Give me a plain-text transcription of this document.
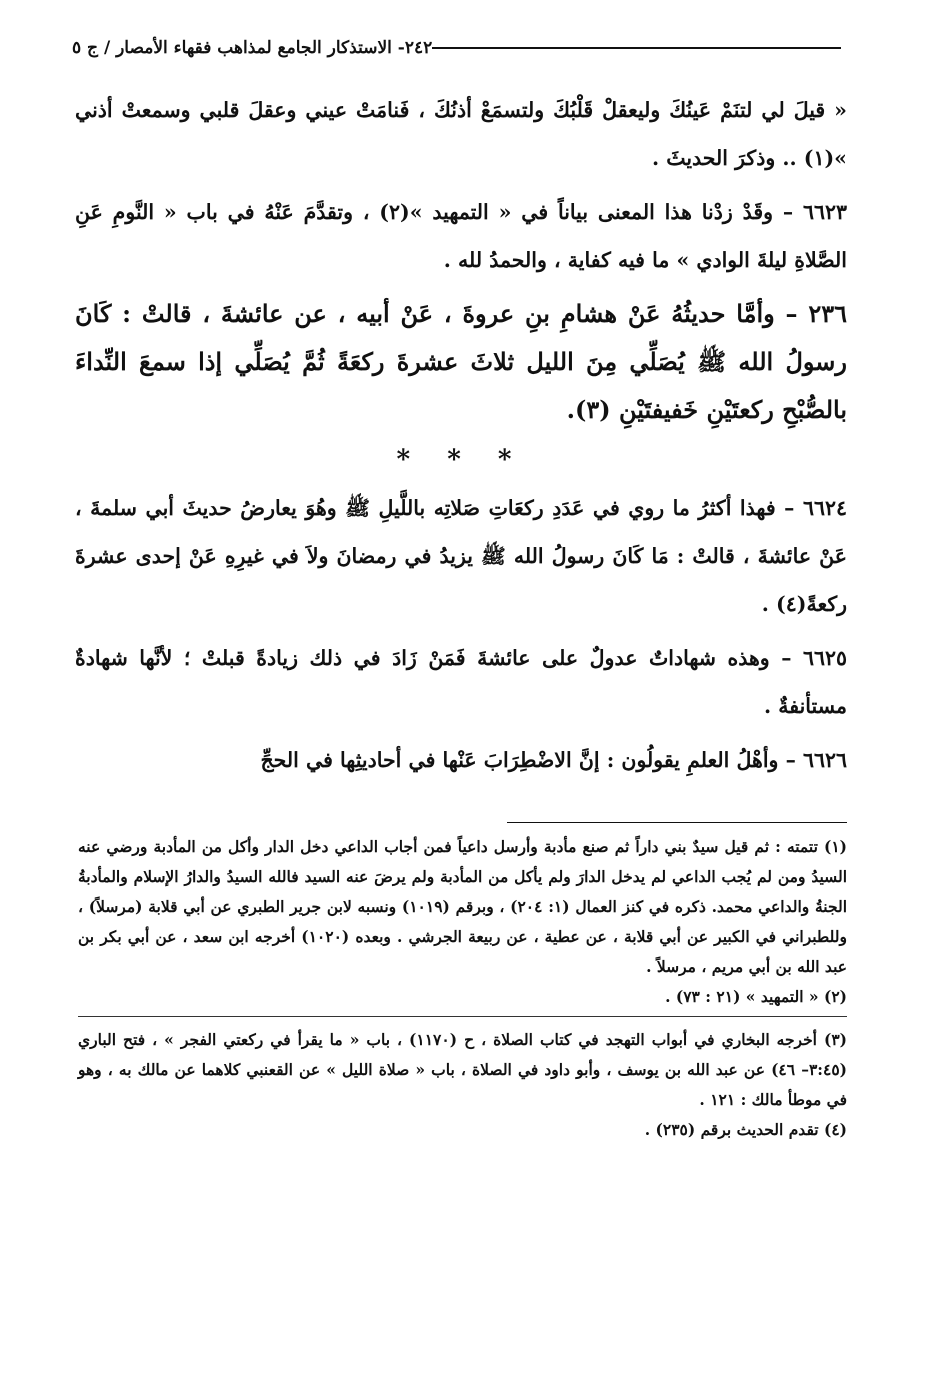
٢٤٢- الاستذكار الجامع لمذاهب فقهاء الأمصار / ج ٥

« قيلَ لي لتنَمْ عَينُكَ وليعقلْ قَلْبُكَ ولتسمَعْ أذنُكَ ، فَنامَتْ عيني وعقلَ قلبي وسمعتْ أذني »(١) .. وذكرَ الحديثَ .

٦٦٢٣ – وقَدْ زدْنا هذا المعنى بياناً في « التمهيد »(٢) ، وتقدَّمَ عَنْهُ في باب « النَّومِ عَنِ الصَّلاةِ ليلةَ الوادي » ما فيه كفاية ، والحمدُ لله .

٢٣٦ – وأمَّا حديثُهُ عَنْ هشامِ بنِ عروةَ ، عَنْ أبيه ، عن عائشةَ ، قالتْ : كَانَ رسولُ الله ﷺ يُصَلِّي مِنَ الليل ثلاثَ عشرةَ ركعَةً ثُمَّ يُصَلِّي إذا سمعَ النِّداءَ بالصُّبْحِ ركعتَيْنِ خَفيفتَيْنِ (٣).

* * *

٦٦٢٤ – فهذا أكثرُ ما روي في عَدَدِ ركعَاتِ صَلاتِه باللَّيلِ ﷺ وهُوَ يعارضُ حديثَ أبي سلمةَ ، عَنْ عائشةَ ، قالتْ : مَا كَانَ رسولُ الله ﷺ يزيدُ في رمضانَ ولاَ في غيرِهِ عَنْ إحدى عشرةَ ركعةً(٤) .

٦٦٢٥ – وهذه شهاداتٌ عدولٌ على عائشةَ فَمَنْ زَادَ في ذلك زيادةً قبلتْ ؛ لأنَّها شهادةٌ مستأنفةٌ .

٦٦٢٦ – وأهْلُ العلمِ يقولُون : إنَّ الاضْطِرَابَ عَنْها في أحاديثِها في الحجِّ

(١) تتمته : ثم قيل سيدٌ بني داراً ثم صنع مأدبة وأرسل داعياً فمن أجاب الداعي دخل الدار وأكل من المأدبة ورضي عنه السيدُ ومن لم يُجب الداعي لم يدخل الدارَ ولم يأكل من المأدبة ولم يرضَ عنه السيد فالله السيدُ والدارُ الإسلام والمأدبةُ الجنةُ والداعي محمد. ذكره في كنز العمال (١: ٢٠٤) ، وبرقم (١٠١٩) ونسبه لابن جرير الطبري عن أبي قلابة (مرسلاً) ، وللطبراني في الكبير عن أبي قلابة ، عن عطية ، عن ربيعة الجرشي . وبعده (١٠٢٠) أخرجه ابن سعد ، عن أبي بكر بن عبد الله بن أبي مريم ، مرسلاً .

(٢) « التمهيد » (٢١ : ٧٣) .

(٣) أخرجه البخاري في أبواب التهجد في كتاب الصلاة ، ح (١١٧٠) ، باب « ما يقرأ في ركعتي الفجر » ، فتح الباري (٣:٤٥– ٤٦) عن عبد الله بن يوسف ، وأبو داود في الصلاة ، باب « صلاة الليل » عن القعنبي كلاهما عن مالك به ، وهو في موطأ مالك : ١٢١ .

(٤) تقدم الحديث برقم (٢٣٥) .
